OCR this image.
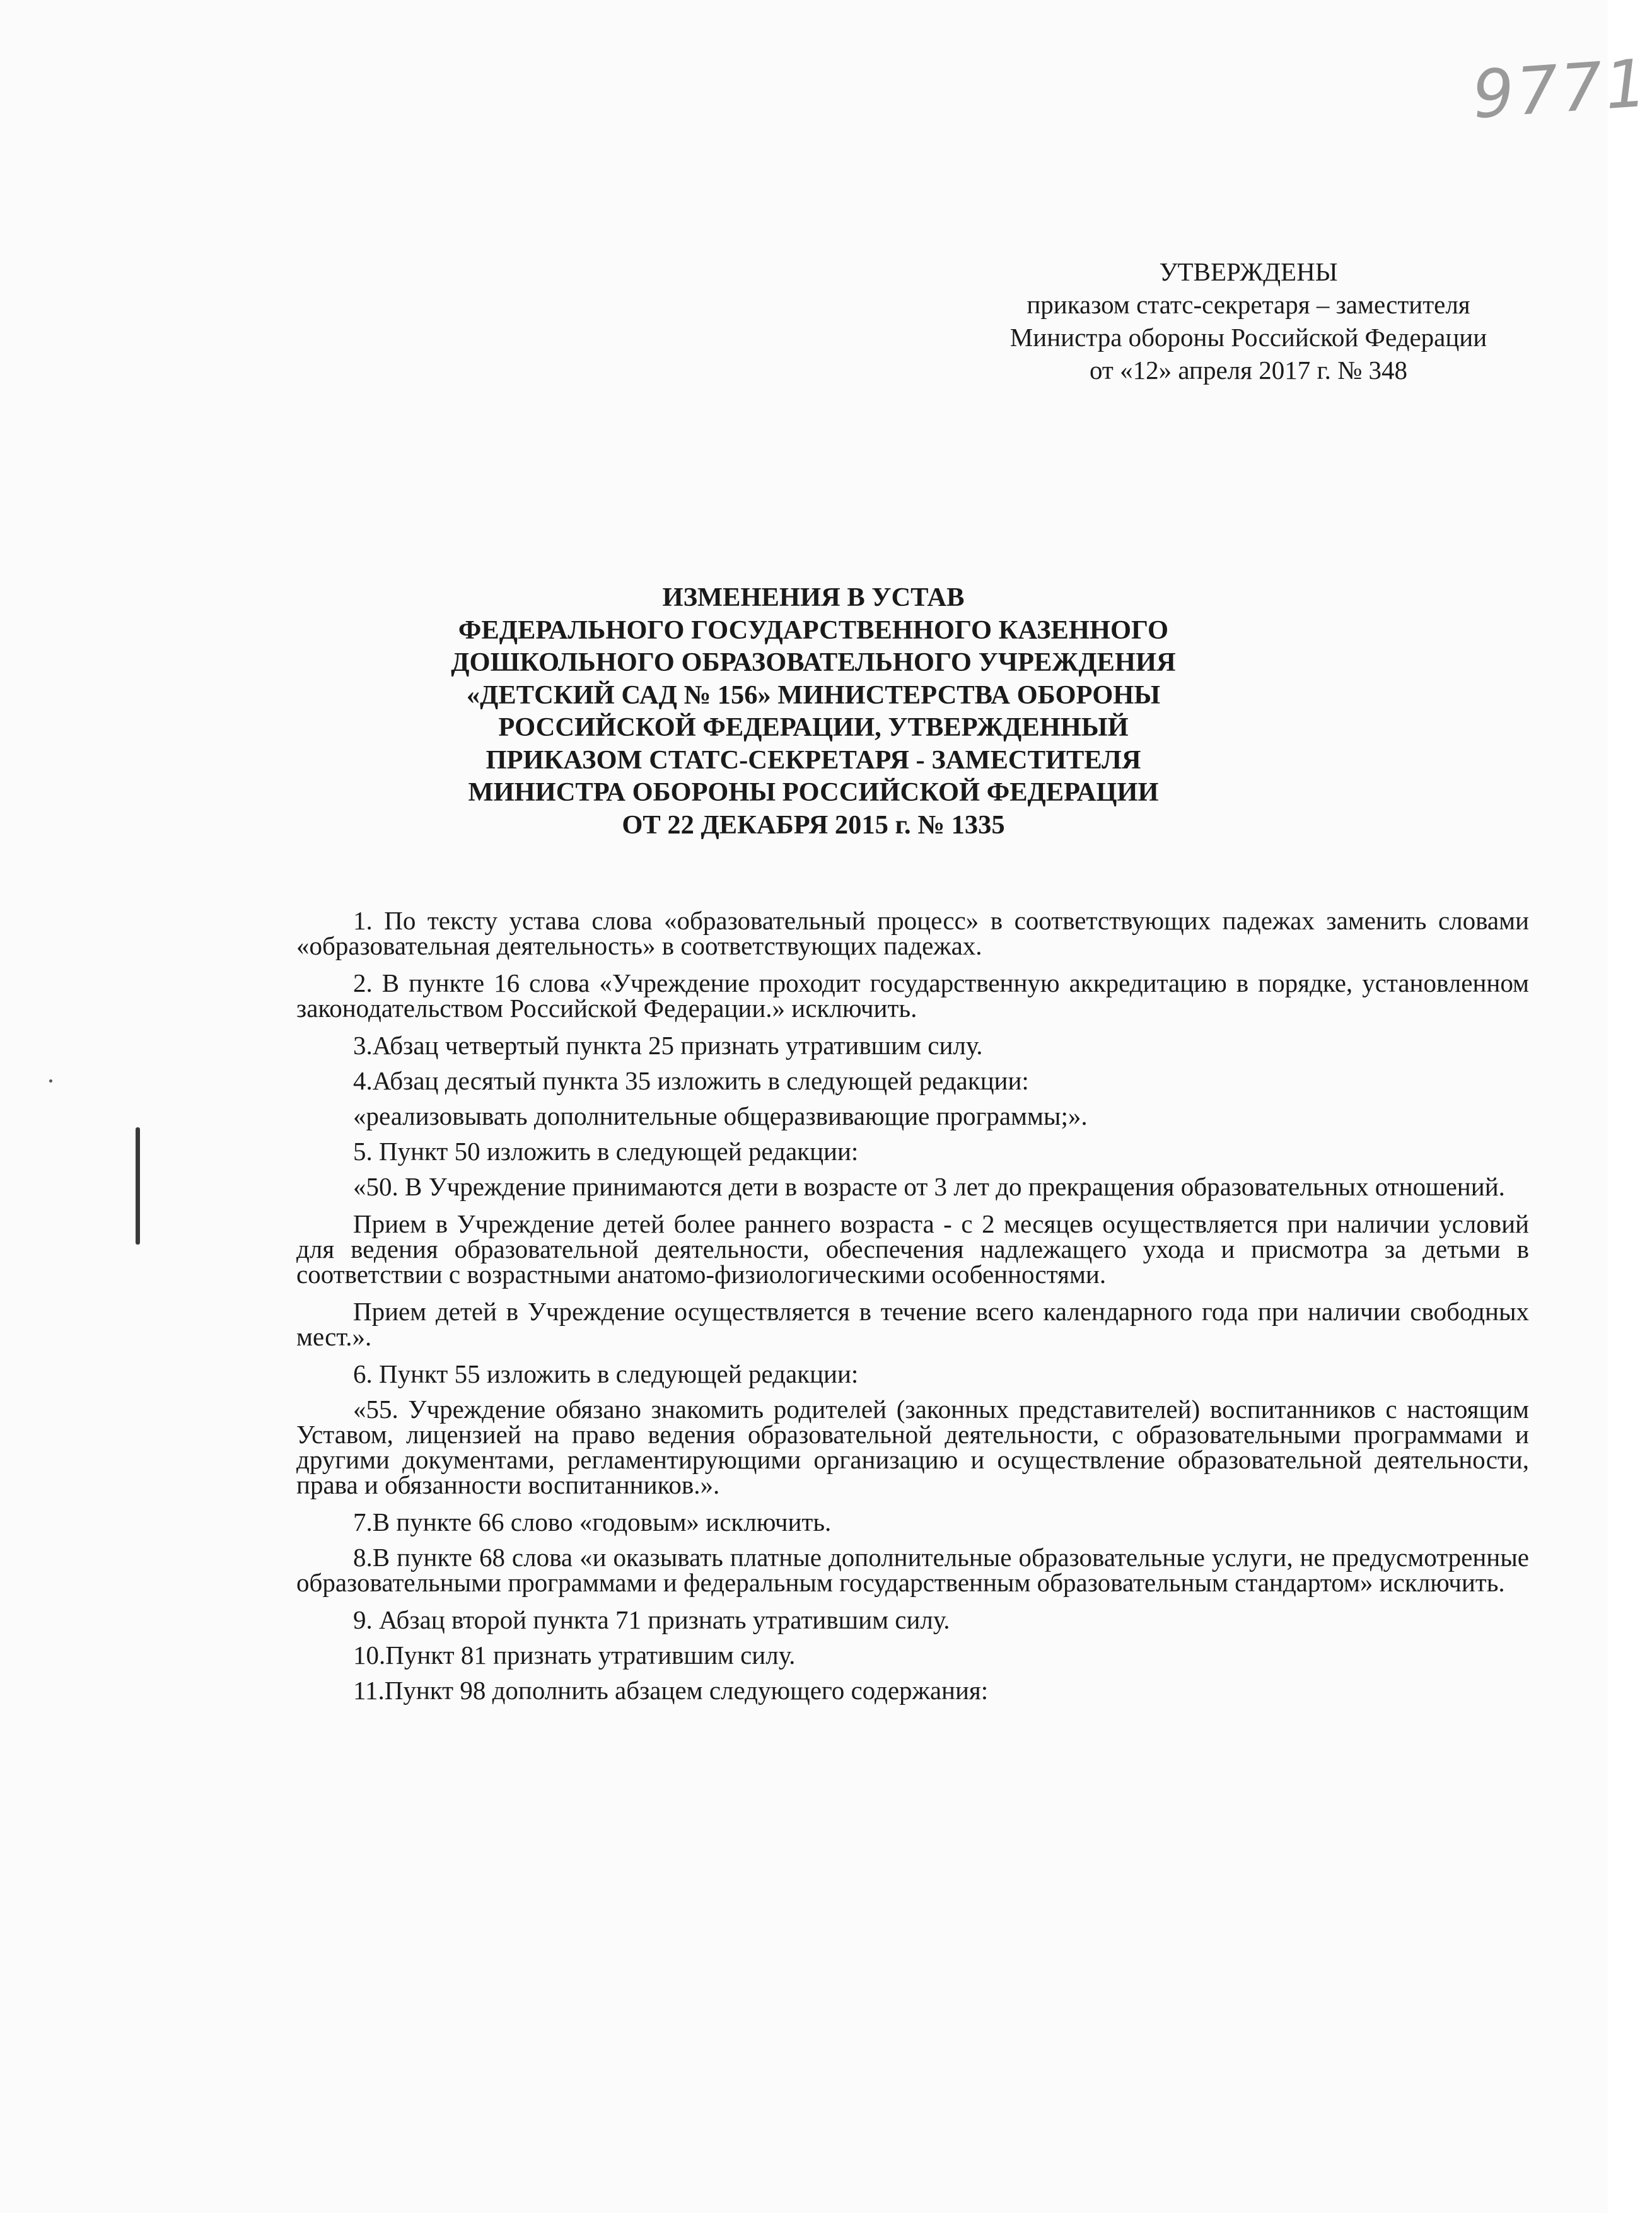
9771
УТВЕРЖДЕНЫ
приказом статс-секретаря – заместителя
Министра обороны Российской Федерации
от «12» апреля 2017 г. № 348
ИЗМЕНЕНИЯ В УСТАВ
ФЕДЕРАЛЬНОГО ГОСУДАРСТВЕННОГО КАЗЕННОГО
ДОШКОЛЬНОГО ОБРАЗОВАТЕЛЬНОГО УЧРЕЖДЕНИЯ
«ДЕТСКИЙ САД № 156» МИНИСТЕРСТВА ОБОРОНЫ
РОССИЙСКОЙ ФЕДЕРАЦИИ, УТВЕРЖДЕННЫЙ
ПРИКАЗОМ СТАТС-СЕКРЕТАРЯ - ЗАМЕСТИТЕЛЯ
МИНИСТРА ОБОРОНЫ РОССИЙСКОЙ ФЕДЕРАЦИИ
ОТ 22 ДЕКАБРЯ 2015 г. № 1335

1. По тексту устава слова «образовательный процесс» в соответствующих падежах заменить словами «образовательная деятельность» в соответствующих падежах.

2. В пункте 16 слова «Учреждение проходит государственную аккредитацию в порядке, установленном законодательством Российской Федерации.» исключить.

3.Абзац четвертый пункта 25 признать утратившим силу.

4.Абзац десятый пункта 35 изложить в следующей редакции:

«реализовывать дополнительные общеразвивающие программы;».

5. Пункт 50 изложить в следующей редакции:

«50. В Учреждение принимаются дети в возрасте от 3 лет до прекращения образовательных отношений.

Прием в Учреждение детей более раннего возраста - с 2 месяцев осуществляется при наличии условий для ведения образовательной деятельности, обеспечения надлежащего ухода и присмотра за детьми в соответствии с возрастными анатомо-физиологическими особенностями.

Прием детей в Учреждение осуществляется в течение всего календарного года при наличии свободных мест.».

6. Пункт 55 изложить в следующей редакции:

«55. Учреждение обязано знакомить родителей (законных представителей) воспитанников с настоящим Уставом, лицензией на право ведения образовательной деятельности, с образовательными программами и другими документами, регламентирующими организацию и осуществление образовательной деятельности, права и обязанности воспитанников.».

7.В пункте 66 слово «годовым» исключить.

8.В пункте 68 слова «и оказывать платные дополнительные образовательные услуги, не предусмотренные образовательными программами и федеральным государственным образовательным стандартом» исключить.

9. Абзац второй пункта 71 признать утратившим силу.

10.Пункт 81 признать утратившим силу.

11.Пункт 98 дополнить абзацем следующего содержания:
